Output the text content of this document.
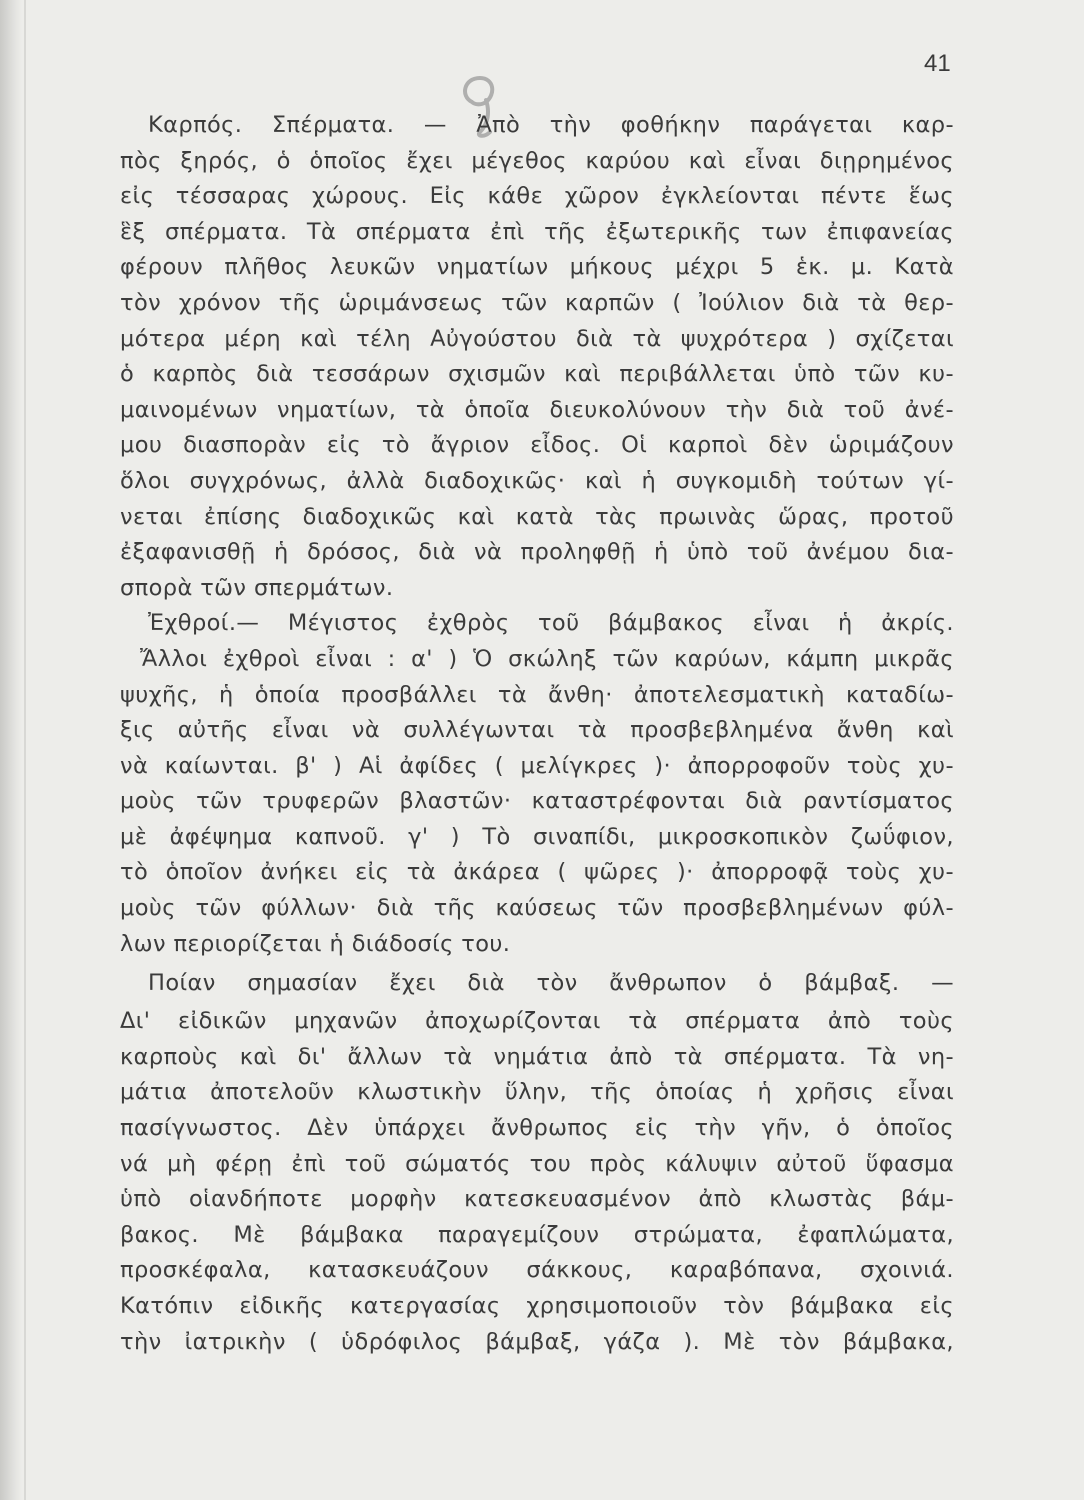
41
Καρπός. Σπέρματα. — Ἀπὸ τὴν φοθήκην παράγεται καρ-
πὸς ξηρός, ὁ ὁποῖος ἔχει μέγεθος καρύου καὶ εἶναι διῃρημένος
εἰς τέσσαρας χώρους. Εἰς κάθε χῶρον ἐγκλείονται πέντε ἕως
ἓξ σπέρματα. Τὰ σπέρματα ἐπὶ τῆς ἐξωτερικῆς των ἐπιφανείας
φέρουν πλῆθος λευκῶν νηματίων μήκους μέχρι 5 ἑκ. μ. Κατὰ
τὸν χρόνον τῆς ὡριμάνσεως τῶν καρπῶν ( Ἰούλιον διὰ τὰ θερ-
μότερα μέρη καὶ τέλη Αὐγούστου διὰ τὰ ψυχρότερα ) σχίζεται
ὁ καρπὸς διὰ τεσσάρων σχισμῶν καὶ περιβάλλεται ὑπὸ τῶν κυ-
μαινομένων νηματίων, τὰ ὁποῖα διευκολύνουν τὴν διὰ τοῦ ἀνέ-
μου διασπορὰν εἰς τὸ ἄγριον εἶδος. Οἱ καρποὶ δὲν ὡριμάζουν
ὅλοι συγχρόνως, ἀλλὰ διαδοχικῶς· καὶ ἡ συγκομιδὴ τούτων γί-
νεται ἐπίσης διαδοχικῶς καὶ κατὰ τὰς πρωινὰς ὥρας, προτοῦ
ἐξαφανισθῇ ἡ δρόσος, διὰ νὰ προληφθῇ ἡ ὑπὸ τοῦ ἀνέμου δια-
σπορὰ τῶν σπερμάτων.
Ἐχθροί.— Μέγιστος ἐχθρὸς τοῦ βάμβακος εἶναι ἡ ἀκρίς.
Ἄλλοι ἐχθροὶ εἶναι : α' ) Ὁ σκώληξ τῶν καρύων, κάμπη μικρᾶς
ψυχῆς, ἡ ὁποία προσβάλλει τὰ ἄνθη· ἀποτελεσματικὴ καταδίω-
ξις αὐτῆς εἶναι νὰ συλλέγωνται τὰ προσβεβλημένα ἄνθη καὶ
νὰ καίωνται. β' ) Αἱ ἀφίδες ( μελίγκρες )· ἀπορροφοῦν τοὺς χυ-
μοὺς τῶν τρυφερῶν βλαστῶν· καταστρέφονται διὰ ραντίσματος
μὲ ἀφέψημα καπνοῦ. γ' ) Τὸ σιναπίδι, μικροσκοπικὸν ζωΰφιον,
τὸ ὁποῖον ἀνήκει εἰς τὰ ἀκάρεα ( ψῶρες )· ἀπορροφᾷ τοὺς χυ-
μοὺς τῶν φύλλων· διὰ τῆς καύσεως τῶν προσβεβλημένων φύλ-
λων περιορίζεται ἡ διάδοσίς του.
Ποίαν σημασίαν ἔχει διὰ τὸν ἄνθρωπον ὁ βάμβαξ. —
Δι' εἰδικῶν μηχανῶν ἀποχωρίζονται τὰ σπέρματα ἀπὸ τοὺς
καρποὺς καὶ δι' ἄλλων τὰ νημάτια ἀπὸ τὰ σπέρματα. Τὰ νη-
μάτια ἀποτελοῦν κλωστικὴν ὕλην, τῆς ὁποίας ἡ χρῆσις εἶναι
πασίγνωστος. Δὲν ὑπάρχει ἄνθρωπος εἰς τὴν γῆν, ὁ ὁποῖος
νά μὴ φέρῃ ἐπὶ τοῦ σώματός του πρὸς κάλυψιν αὐτοῦ ὕφασμα
ὑπὸ οἱανδήποτε μορφὴν κατεσκευασμένον ἀπὸ κλωστὰς βάμ-
βακος. Μὲ βάμβακα παραγεμίζουν στρώματα, ἐφαπλώματα,
προσκέφαλα, κατασκευάζουν σάκκους, καραβόπανα, σχοινιά.
Κατόπιν εἰδικῆς κατεργασίας χρησιμοποιοῦν τὸν βάμβακα εἰς
τὴν ἰατρικὴν ( ὑδρόφιλος βάμβαξ, γάζα ). Μὲ τὸν βάμβακα,
